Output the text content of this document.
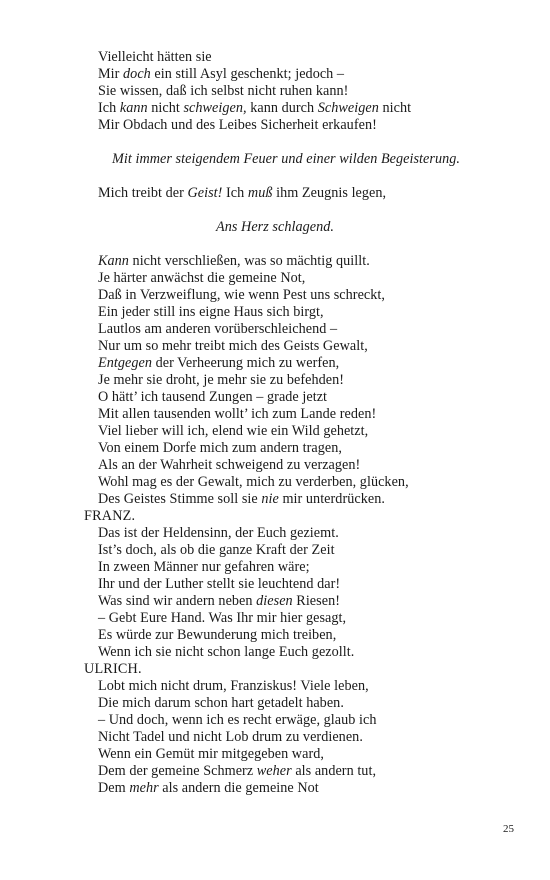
Vielleicht hätten sie
Mir doch ein still Asyl geschenkt; jedoch –
Sie wissen, daß ich selbst nicht ruhen kann!
Ich kann nicht schweigen, kann durch Schweigen nicht
Mir Obdach und des Leibes Sicherheit erkaufen!
Mit immer steigendem Feuer und einer wilden Begeisterung.
Mich treibt der Geist! Ich muß ihm Zeugnis legen,
Ans Herz schlagend.
Kann nicht verschließen, was so mächtig quillt.
Je härter anwächst die gemeine Not,
Daß in Verzweiflung, wie wenn Pest uns schreckt,
Ein jeder still ins eigne Haus sich birgt,
Lautlos am anderen vorüberschleichend –
Nur um so mehr treibt mich des Geists Gewalt,
Entgegen der Verheerung mich zu werfen,
Je mehr sie droht, je mehr sie zu befehden!
O hätt’ ich tausend Zungen – grade jetzt
Mit allen tausenden wollt’ ich zum Lande reden!
Viel lieber will ich, elend wie ein Wild gehetzt,
Von einem Dorfe mich zum andern tragen,
Als an der Wahrheit schweigend zu verzagen!
Wohl mag es der Gewalt, mich zu verderben, glücken,
Des Geistes Stimme soll sie nie mir unterdrücken.
FRANZ.
Das ist der Heldensinn, der Euch geziemt.
Ist’s doch, als ob die ganze Kraft der Zeit
In zween Männer nur gefahren wäre;
Ihr und der Luther stellt sie leuchtend dar!
Was sind wir andern neben diesen Riesen!
– Gebt Eure Hand. Was Ihr mir hier gesagt,
Es würde zur Bewunderung mich treiben,
Wenn ich sie nicht schon lange Euch gezollt.
ULRICH.
Lobt mich nicht drum, Franziskus! Viele leben,
Die mich darum schon hart getadelt haben.
– Und doch, wenn ich es recht erwäge, glaub ich
Nicht Tadel und nicht Lob drum zu verdienen.
Wenn ein Gemüt mir mitgegeben ward,
Dem der gemeine Schmerz weher als andern tut,
Dem mehr als andern die gemeine Not
25
